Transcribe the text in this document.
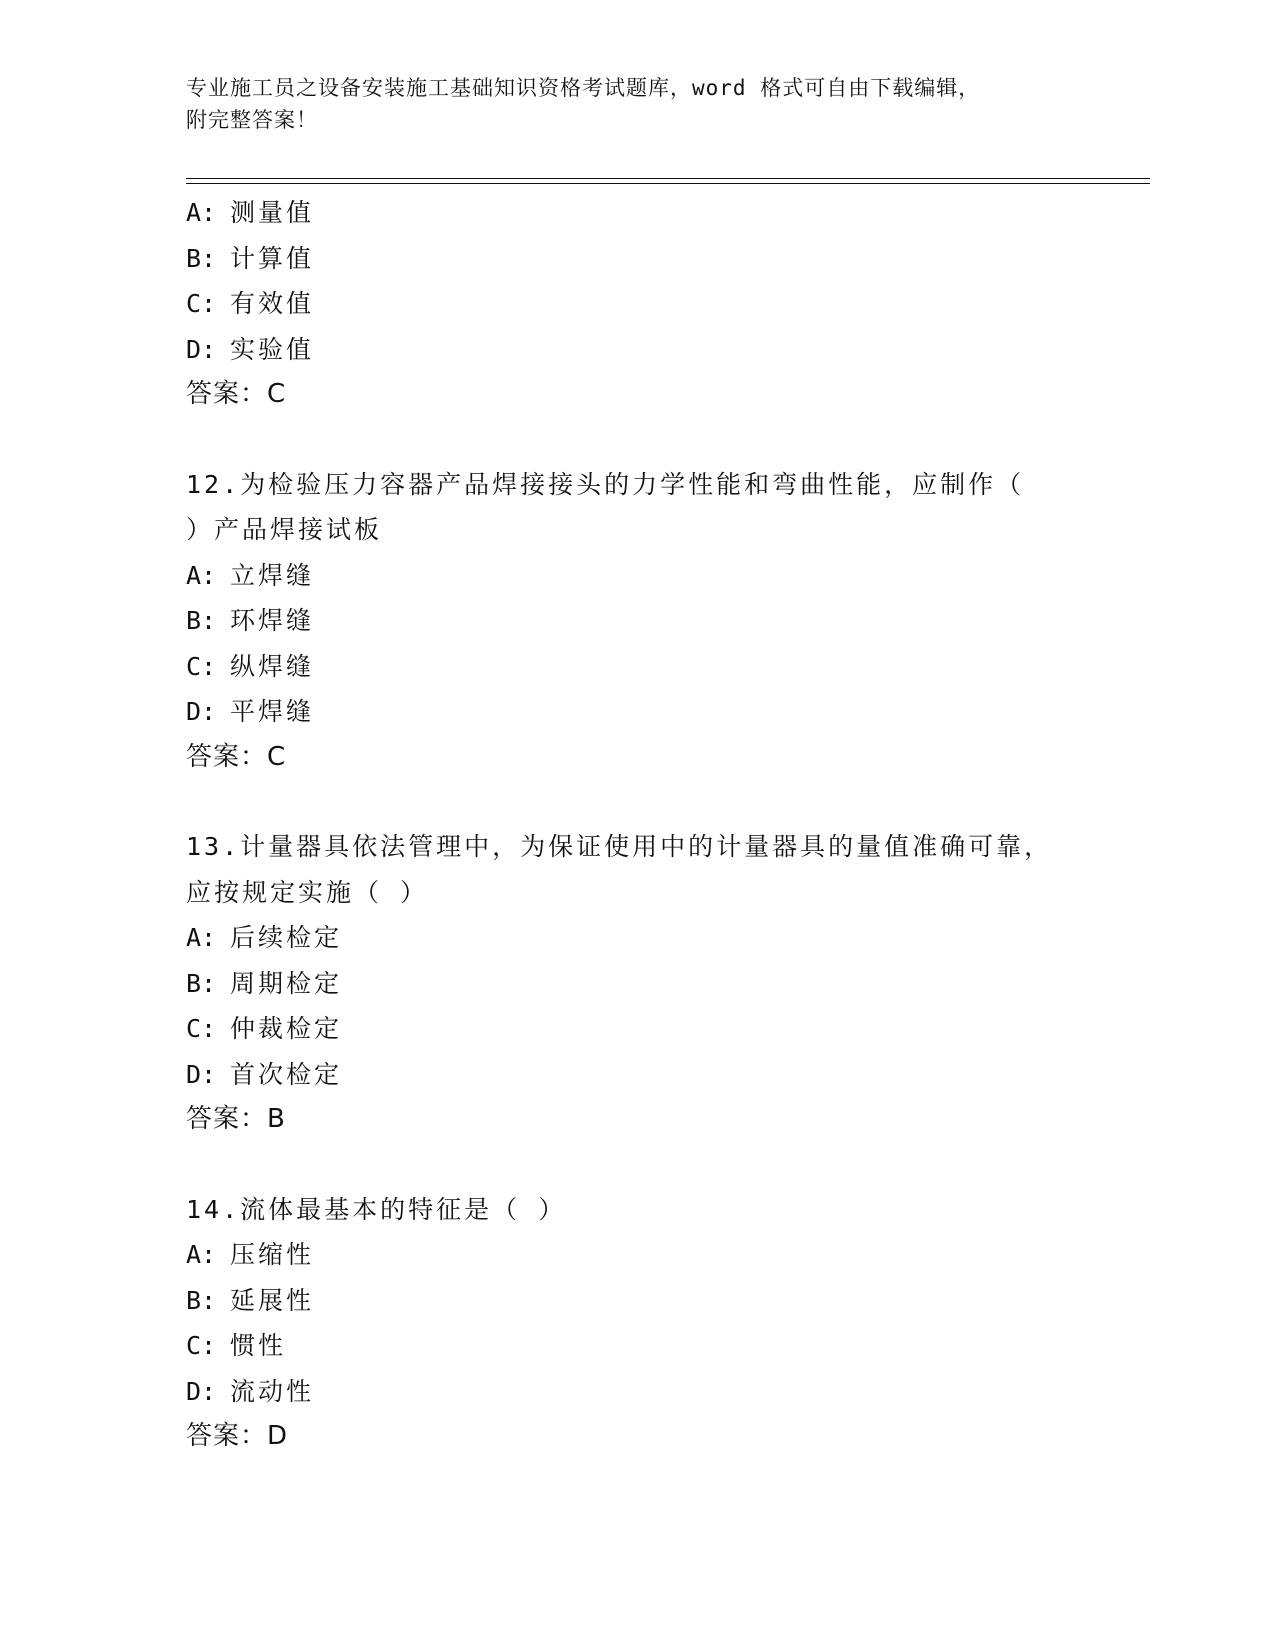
专业施工员之设备安装施工基础知识资格考试题库，word 格式可自由下载编辑，
附完整答案！
A: 测量值
B: 计算值
C: 有效值
D: 实验值
答案：C
12.为检验压力容器产品焊接接头的力学性能和弯曲性能，应制作（
）产品焊接试板
A: 立焊缝
B: 环焊缝
C: 纵焊缝
D: 平焊缝
答案：C
13.计量器具依法管理中，为保证使用中的计量器具的量值准确可靠，
应按规定实施（ ）
A: 后续检定
B: 周期检定
C: 仲裁检定
D: 首次检定
答案：B
14.流体最基本的特征是（ ）
A: 压缩性
B: 延展性
C: 惯性
D: 流动性
答案：D
